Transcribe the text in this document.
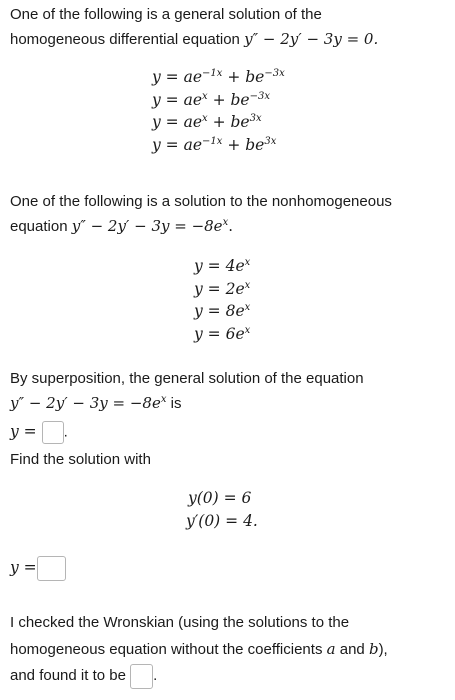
One of the following is a general solution of the
homogeneous differential equation y″ − 2y′ − 3y = 0.
$y = ae^{-1x} + be^{-3x}$
$y = ae^x + be^{-3x}$
$y = ae^x + be^{3x}$
$y = ae^{-1x} + be^{3x}$
One of the following is a solution to the nonhomogeneous
equation $y'' - 2y' - 3y = -8e^x$.
$y = 4e^x$
$y = 2e^x$
$y = 8e^x$
$y = 6e^x$
By superposition, the general solution of the equation
$y'' - 2y' - 3y = -8e^x$ is
y = .
Find the solution with
y(0) = 6
y′(0) = 4.
y =
I checked the Wronskian (using the solutions to the
homogeneous equation without the coefficients a and b),
and found it to be .
